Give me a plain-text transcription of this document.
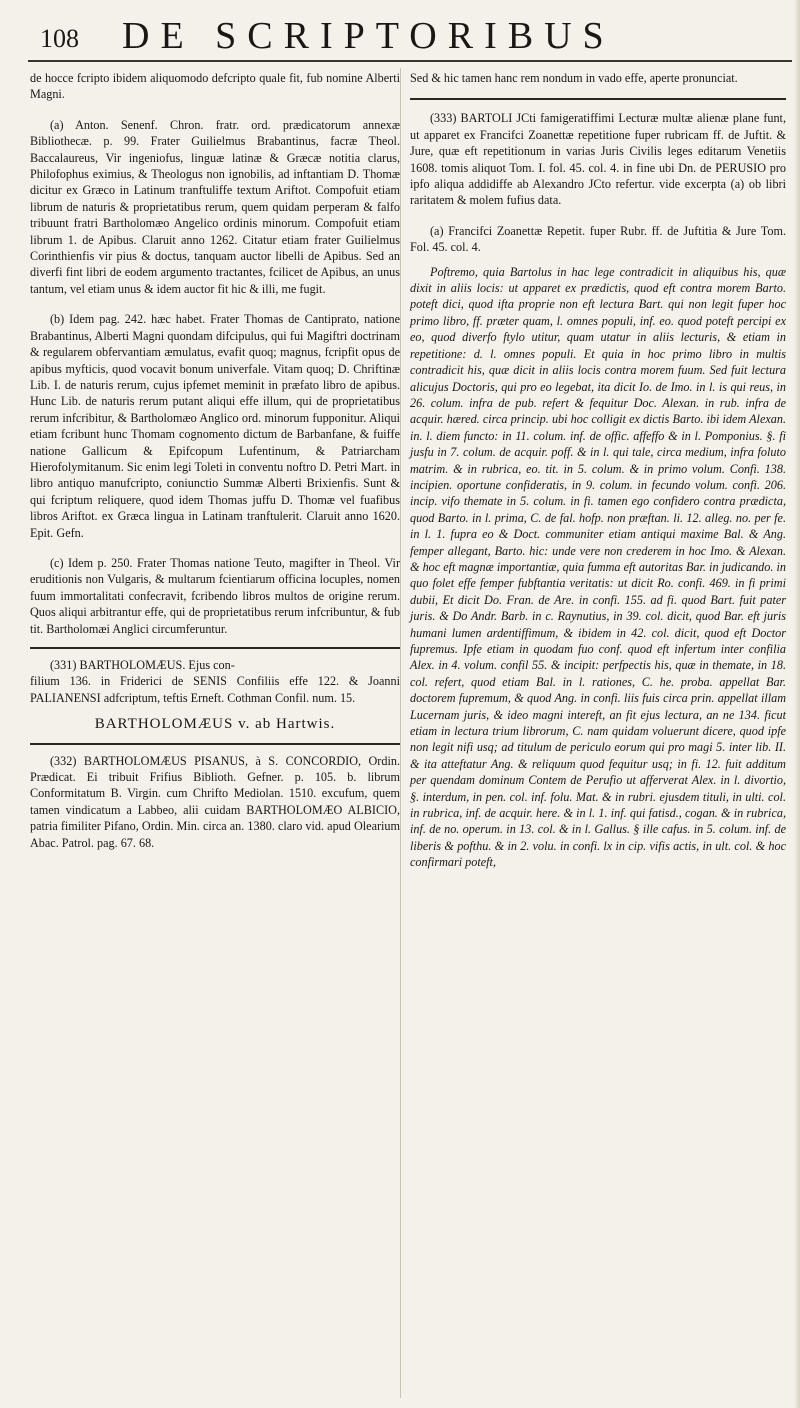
108 DE SCRIPTORIBUS

de hocce fcripto ibidem aliquomodo defcripto quale fit, fub nomine Alberti Magni.

(a) Anton. Senenf. Chron. fratr. ord. prædicatorum annexæ Bibliothecæ. p. 99. Frater Guilielmus Brabantinus, facræ Theol. Baccalaureus, Vir ingeniofus, linguæ latinæ & Græcæ notitia clarus, Philofophus eximius, & Theologus non ignobilis, ad inftantiam D. Thomæ dicitur ex Græco in Latinum tranftuliffe textum Ariftot. Compofuit etiam librum de naturis & proprietatibus rerum, quem quidam perperam & falfo tribuunt fratri Bartholomæo Angelico ordinis minorum. Compofuit etiam librum 1. de Apibus. Claruit anno 1262. Citatur etiam frater Guilielmus Corinthienfis vir pius & doctus, tanquam auctor libelli de Apibus. Sed an diverfi fint libri de eodem argumento tractantes, fcilicet de Apibus, an unus tantum, vel etiam unus & idem auctor fit hic & illi, me fugit.

(b) Idem pag. 242. hæc habet. Frater Thomas de Cantiprato, natione Brabantinus, Alberti Magni quondam difcipulus, qui fui Magiftri doctrinam & regularem obfervantiam æmulatus, evafit quoq; magnus, fcripfit opus de apibus myfticis, quod vocavit bonum univerfale. Vitam quoq; D. Chriftinæ Lib. I. de naturis rerum, cujus ipfemet meminit in præfato libro de apibus. Hunc Lib. de naturis rerum putant aliqui effe illum, qui de proprietatibus rerum infcribitur, & Bartholomæo Anglico ord. minorum fupponitur. Aliqui etiam fcribunt hunc Thomam cognomento dictum de Barbanfane, & fuiffe natione Gallicum & Epifcopum Lufentinum, & Patriarcham Hierofolymitanum. Sic enim legi Toleti in conventu noftro D. Petri Mart. in libro antiquo manufcripto, coniunctio Summæ Alberti Brixienfis. Sunt & qui fcriptum reliquere, quod idem Thomas juffu D. Thomæ vel fuafibus libros Ariftot. ex Græca lingua in Latinam tranftulerit. Claruit anno 1620. Epit. Gefn.

(c) Idem p. 250. Frater Thomas natione Teuto, magifter in Theol. Vir eruditionis non Vulgaris, & multarum fcientiarum officina locuples, nomen fuum immortalitati confecravit, fcribendo libros multos de origine rerum. Quos aliqui arbitrantur effe, qui de proprietatibus rerum infcribuntur, & fub tit. Bartholomæi Anglici circumferuntur.

(331) BARTHOLOMÆUS. Ejus con-

filium 136. in Friderici de SENIS Confiliis effe 122. & Joanni PALIANENSI adfcriptum, teftis Erneft. Cothman Confil. num. 15.

BARTHOLOMÆUS v. ab Hartwis.

(332) BARTHOLOMÆUS PISANUS, à S. CONCORDIO, Ordin. Prædicat. Ei tribuit Frifius Biblioth. Gefner. p. 105. b. librum Conformitatum B. Virgin. cum Chrifto Mediolan. 1510. excufum, quem tamen vindicatum a Labbeo, alii cuidam BARTHOLOMÆO ALBICIO, patria fimiliter Pifano, Ordin. Min. circa an. 1380. claro vid. apud Olearium Abac. Patrol. pag. 67. 68.

Sed & hic tamen hanc rem nondum in vado effe, aperte pronunciat.

(333) BARTOLI JCti famigeratiffimi Lecturæ multæ alienæ plane funt, ut apparet ex Francifci Zoanettæ repetitione fuper rubricam ff. de Juftit. & Jure, quæ eft repetitionum in varias Juris Civilis leges editarum Venetiis 1608. tomis aliquot Tom. I. fol. 45. col. 4. in fine ubi Dn. de PERUSIO pro ipfo aliqua addidiffe ab Alexandro JCto refertur. vide excerpta (a) ob libri raritatem & molem fufius data.

(a) Francifci Zoanettæ Repetit. fuper Rubr. ff. de Juftitia & Jure Tom. Fol. 45. col. 4.

Poftremo, quia Bartolus in hac lege contradicit in aliquibus his, quæ dixit in aliis locis: ut apparet ex prædictis, quod eft contra morem Barto. poteft dici, quod ifta proprie non eft lectura Bart. qui non legit fuper hoc primo libro, ff. præter quam, l. omnes populi, inf. eo. quod poteft percipi ex eo, quod diverfo ftylo utitur, quam utatur in aliis lecturis, & etiam in repetitione: d. l. omnes populi. Et quia in hoc primo libro in multis contradicit his, quæ dicit in aliis locis contra morem fuum. Sed fuit lectura alicujus Doctoris, qui pro eo legebat, ita dicit Io. de Imo. in l. is qui reus, in 26. colum. infra de pub. refert & fequitur Doc. Alexan. in rub. infra de acquir. hæred. circa princip. ubi hoc colligit ex dictis Barto. ibi idem Alexan. in. l. diem functo: in 11. colum. inf. de offic. affeffo & in l. Pomponius. §. fi jusfu in 7. colum. de acquir. poff. & in l. qui tale, circa medium, infra foluto matrim. & in rubrica, eo. tit. in 5. colum. & in primo volum. Confi. 138. incipien. oportune confideratis, in 9. colum. in fecundo volum. confi. 206. incip. vifo themate in 5. colum. in fi. tamen ego confidero contra prædicta, quod Barto. in l. prima, C. de fal. hofp. non præftan. li. 12. alleg. no. per fe. in l. 1. fupra eo & Doct. communiter etiam antiqui maxime Bal. & Ang. femper allegant, Barto. hic: unde vere non crederem in hoc Imo. & Alexan. & hoc eft magnæ importantiæ, quia fumma eft autoritas Bar. in judicando. in quo folet effe femper fubftantia veritatis: ut dicit Ro. confi. 469. in fi primi dubii, Et dicit Do. Fran. de Are. in confi. 155. ad fi. quod Bart. fuit pater juris. & Do Andr. Barb. in c. Raynutius, in 39. col. dicit, quod Bar. eft juris humani lumen ardentiffimum, & ibidem in 42. col. dicit, quod eft Doctor fupremus. Ipfe etiam in quodam fuo conf. quod eft infertum inter confilia Alex. in 4. volum. confil 55. & incipit: perfpectis his, quæ in themate, in 18. col. refert, quod etiam Bal. in l. rationes, C. he. proba. appellat Bar. doctorem fupremum, & quod Ang. in confi. liis fuis circa prin. appellat illam Lucernam juris, & ideo magni intereft, an fit ejus lectura, an ne 134. ficut etiam in lectura trium librorum, C. nam quidam voluerunt dicere, quod ipfe non legit nifi usq; ad titulum de periculo eorum qui pro magi 5. inter lib. II. & ita atteftatur Ang. & reliquum quod fequitur usq; in fi. 12. fuit additum per quendam dominum Contem de Perufio ut afferverat Alex. in l. divortio, §. interdum, in pen. col. inf. folu. Mat. & in rubri. ejusdem tituli, in ulti. col. in rubrica, inf. de acquir. here. & in l. 1. inf. qui fatisd., cogan. & in rubrica, inf. de no. operum. in 13. col. & in l. Gallus. § ille cafus. in 5. colum. inf. de liberis & pofthu. & in 2. volu. in confi. lx in cip. vifis actis, in ult. col. & hoc confirmari poteft,
